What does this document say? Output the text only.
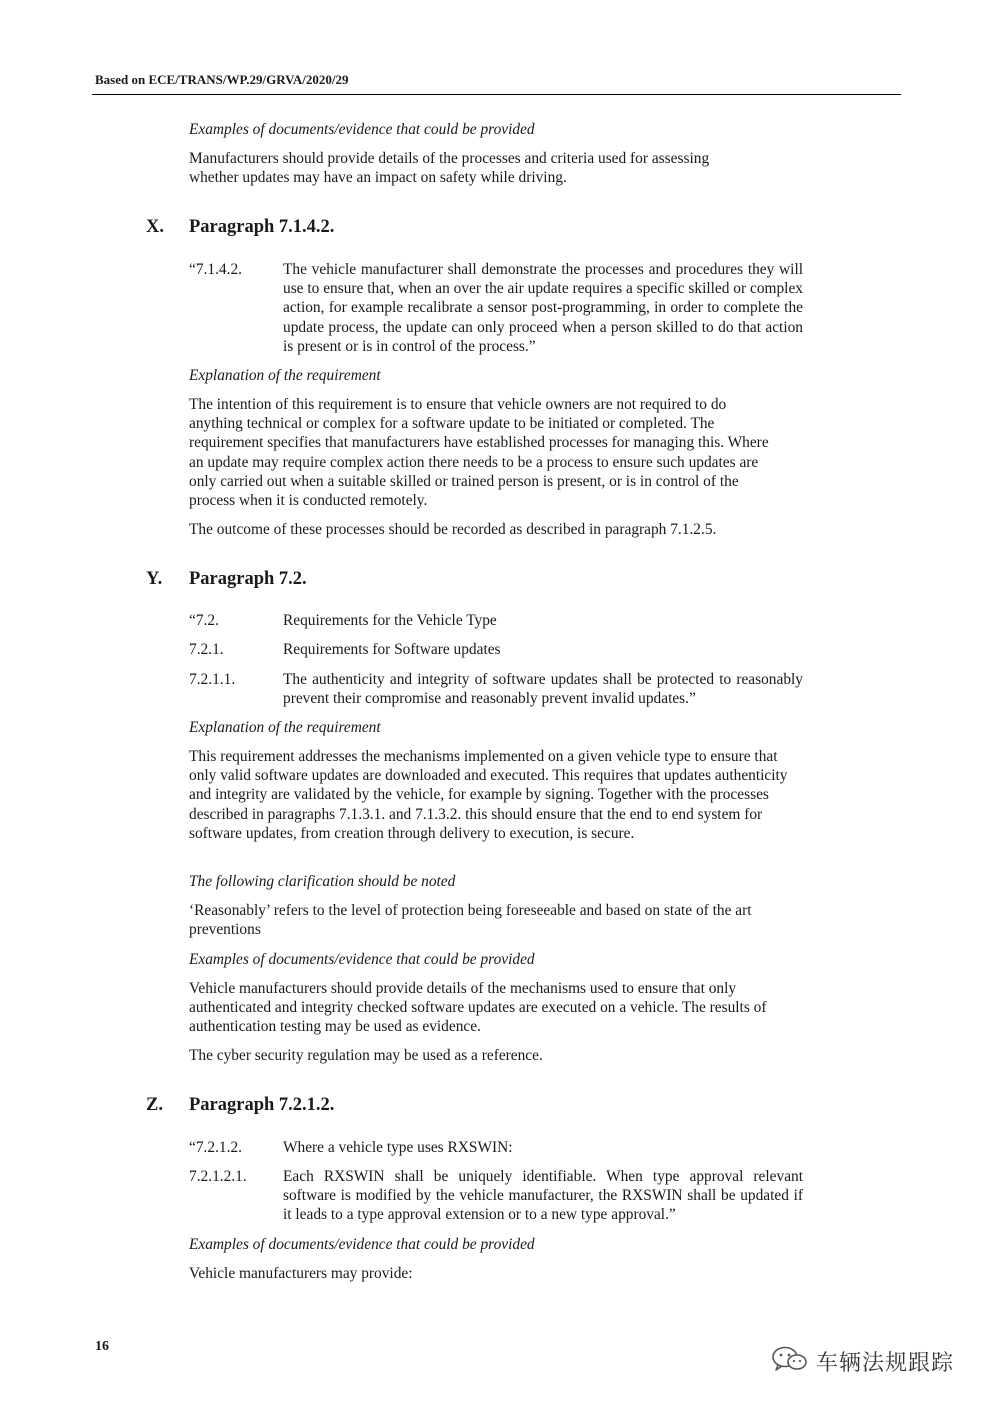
Based on ECE/TRANS/WP.29/GRVA/2020/29
Examples of documents/evidence that could be provided
Manufacturers should provide details of the processes and criteria used for assessing whether updates may have an impact on safety while driving.
X. Paragraph 7.1.4.2.
“7.1.4.2.	The vehicle manufacturer shall demonstrate the processes and procedures they will use to ensure that, when an over the air update requires a specific skilled or complex action, for example recalibrate a sensor post-programming, in order to complete the update process, the update can only proceed when a person skilled to do that action is present or is in control of the process.”
Explanation of the requirement
The intention of this requirement is to ensure that vehicle owners are not required to do anything technical or complex for a software update to be initiated or completed. The requirement specifies that manufacturers have established processes for managing this. Where an update may require complex action there needs to be a process to ensure such updates are only carried out when a suitable skilled or trained person is present, or is in control of the process when it is conducted remotely.
The outcome of these processes should be recorded as described in paragraph 7.1.2.5.
Y. Paragraph 7.2.
“7.2.	Requirements for the Vehicle Type
7.2.1.	Requirements for Software updates
7.2.1.1.	The authenticity and integrity of software updates shall be protected to reasonably prevent their compromise and reasonably prevent invalid updates.”
Explanation of the requirement
This requirement addresses the mechanisms implemented on a given vehicle type to ensure that only valid software updates are downloaded and executed. This requires that updates authenticity and integrity are validated by the vehicle, for example by signing. Together with the processes described in paragraphs 7.1.3.1. and 7.1.3.2. this should ensure that the end to end system for software updates, from creation through delivery to execution, is secure.
The following clarification should be noted
‘Reasonably’ refers to the level of protection being foreseeable and based on state of the art preventions
Examples of documents/evidence that could be provided
Vehicle manufacturers should provide details of the mechanisms used to ensure that only authenticated and integrity checked software updates are executed on a vehicle. The results of authentication testing may be used as evidence.
The cyber security regulation may be used as a reference.
Z. Paragraph 7.2.1.2.
“7.2.1.2.	Where a vehicle type uses RXSWIN:
7.2.1.2.1. Each RXSWIN shall be uniquely identifiable. When type approval relevant software is modified by the vehicle manufacturer, the RXSWIN shall be updated if it leads to a type approval extension or to a new type approval.”
Examples of documents/evidence that could be provided
Vehicle manufacturers may provide:
16
车辆法规跟踪
